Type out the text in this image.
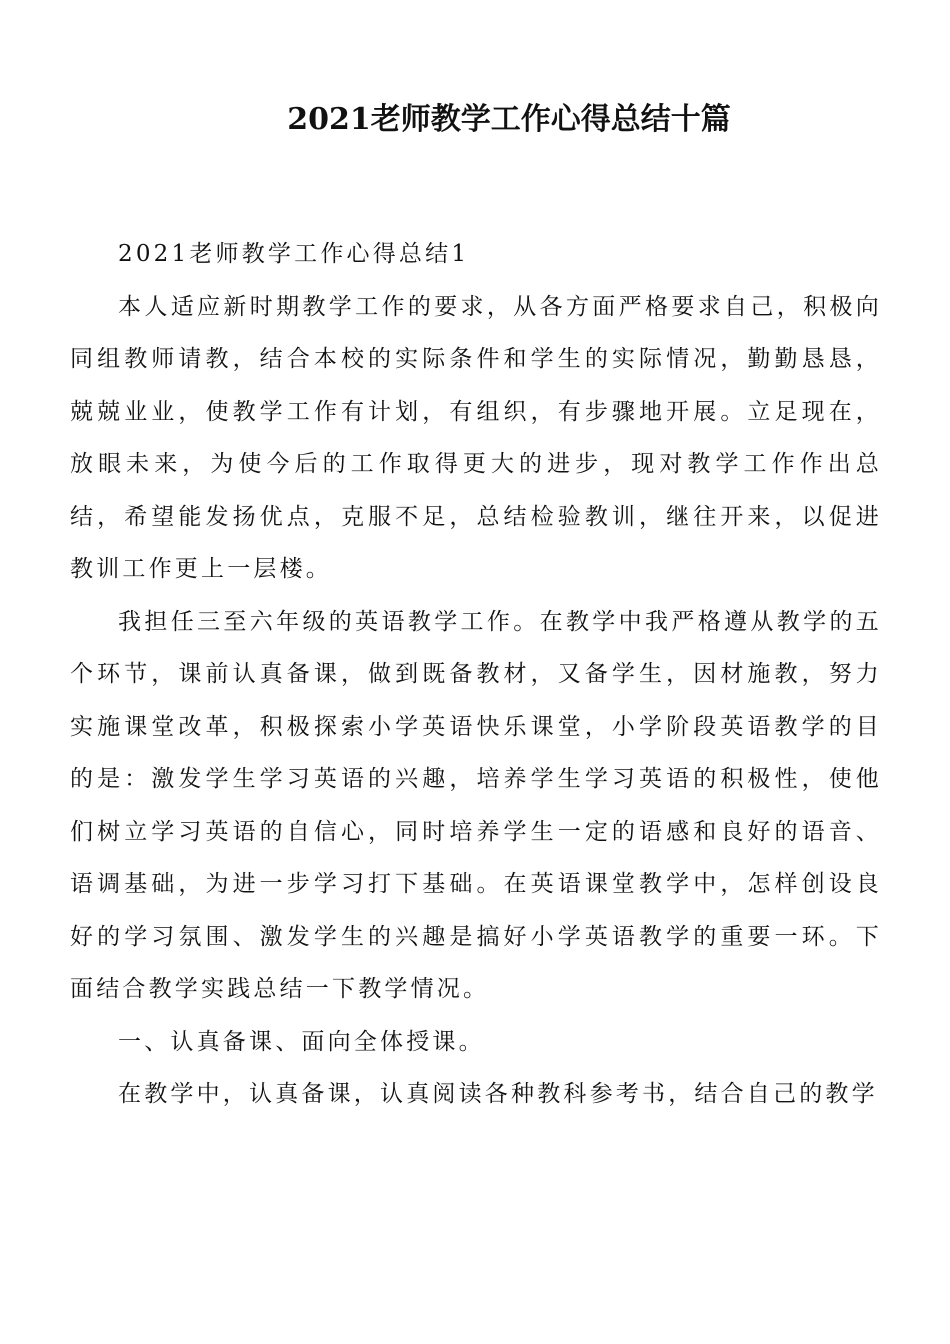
2021老师教学工作心得总结十篇

2021老师教学工作心得总结1

本人适应新时期教学工作的要求，从各方面严格要求自己，积极向同组教师请教，结合本校的实际条件和学生的实际情况，勤勤恳恳，兢兢业业，使教学工作有计划，有组织，有步骤地开展。立足现在，放眼未来，为使今后的工作取得更大的进步，现对教学工作作出总结，希望能发扬优点，克服不足，总结检验教训，继往开来，以促进教训工作更上一层楼。

我担任三至六年级的英语教学工作。在教学中我严格遵从教学的五个环节，课前认真备课，做到既备教材，又备学生，因材施教，努力实施课堂改革，积极探索小学英语快乐课堂，小学阶段英语教学的目的是：激发学生学习英语的兴趣，培养学生学习英语的积极性，使他们树立学习英语的自信心，同时培养学生一定的语感和良好的语音、语调基础，为进一步学习打下基础。在英语课堂教学中，怎样创设良好的学习氛围、激发学生的兴趣是搞好小学英语教学的重要一环。下面结合教学实践总结一下教学情况。

一、认真备课、面向全体授课。

在教学中，认真备课，认真阅读各种教科参考书，结合自己的教学
